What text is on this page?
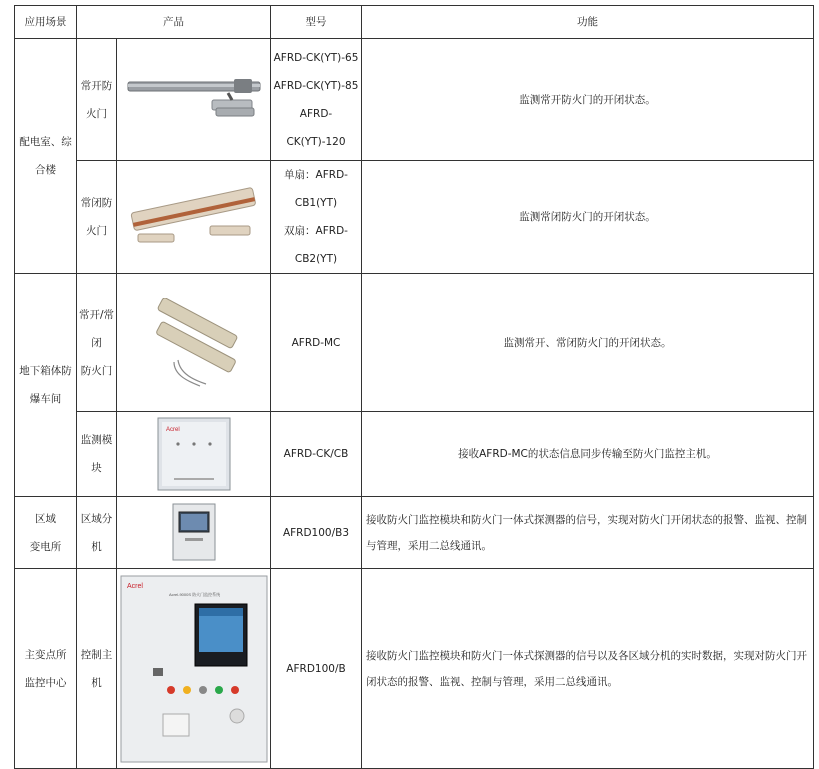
应用场景	产品		型号	功能

配电室、综
合楼	常开防
火门		AFRD-CK(YT)-65
AFRD-CK(YT)-85
AFRD-
CK(YT)-120	监测常开防火门的开闭状态。

	常闭防
火门		单扇：AFRD-
CB1(YT)
双扇：AFRD-
CB2(YT)	监测常闭防火门的开闭状态。

地下箱体防
爆车间	常开/常
闭
防火门		AFRD-MC	监测常开、常闭防火门的开闭状态。

	监测模
块	Acrel	AFRD-CK/CB	接收AFRD-MC的状态信息同步传输至防火门监控主机。

区域
变电所	区域分
机		AFRD100/B3	接收防火门监控模块和防火门一体式探测器的信号，实现对防火门开闭状态的报警、监视、控制与管理，采用二总线通讯。

主变点所
监控中心	控制主
机	Acrel
Acrel-9000S 防火门监控系统	AFRD100/B	接收防火门监控模块和防火门一体式探测器的信号以及各区域分机的实时数据，实现对防火门开闭状态的报警、监视、控制与管理，采用二总线通讯。
